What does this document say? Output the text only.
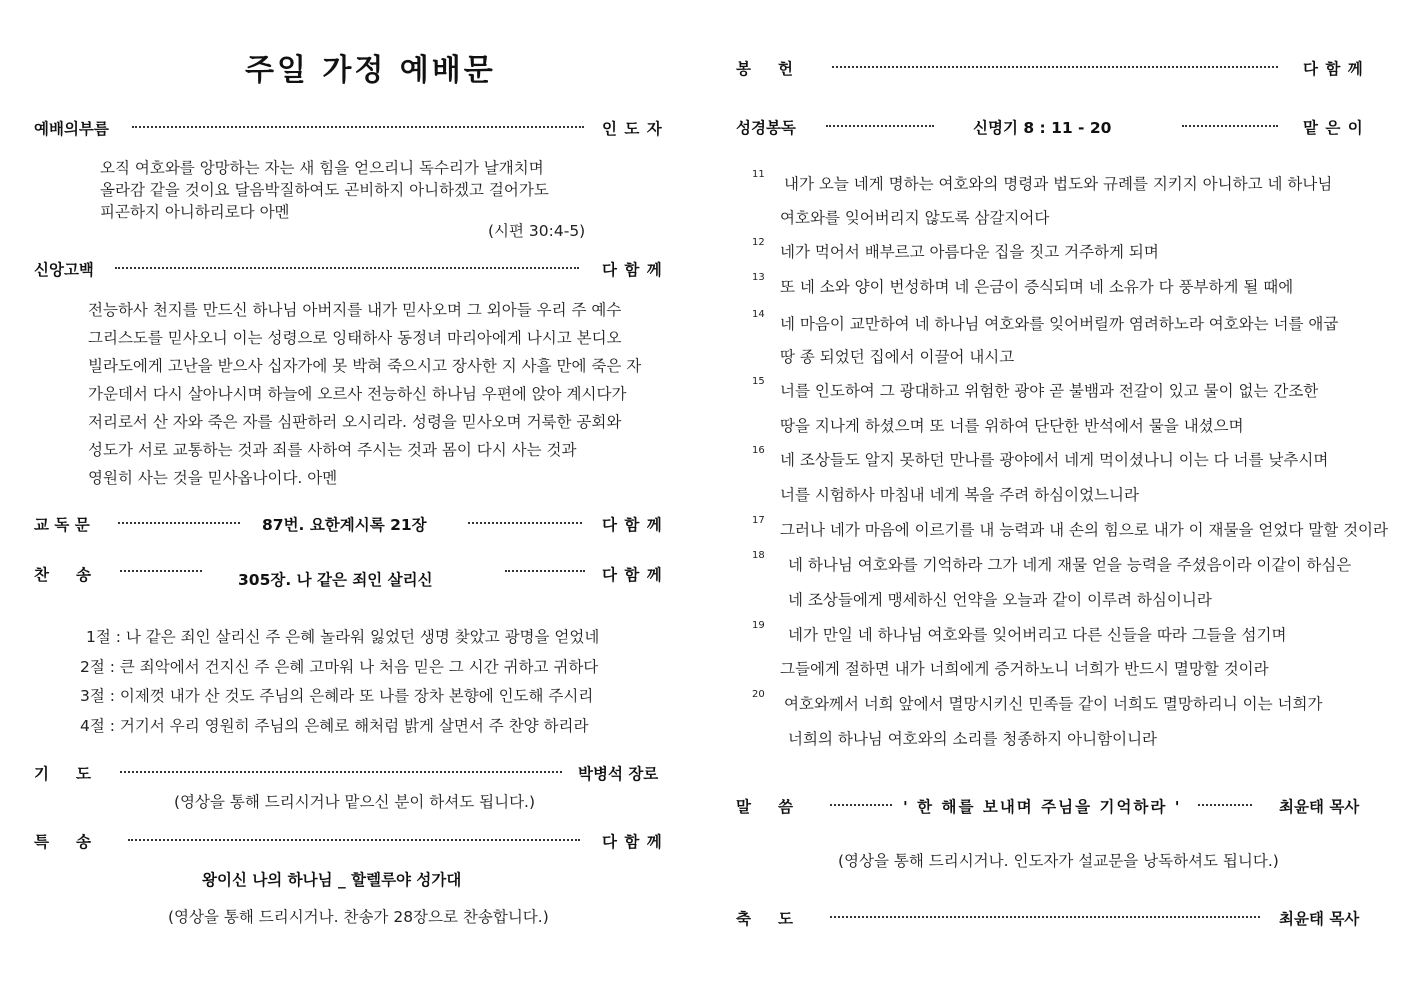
주일 가정 예배문
예배의부름	인 도 자
오직 여호와를 앙망하는 자는 새 힘을 얻으리니 독수리가 날개치며
올라감 같을 것이요 달음박질하여도 곤비하지 아니하겠고 걸어가도
피곤하지 아니하리로다 아멘
(시편 30:4-5)
신앙고백	다 함 께
전능하사 천지를 만드신 하나님 아버지를 내가 믿사오며 그 외아들 우리 주 예수
그리스도를 믿사오니 이는 성령으로 잉태하사 동정녀 마리아에게 나시고 본디오
빌라도에게 고난을 받으사 십자가에 못 박혀 죽으시고 장사한 지 사흘 만에 죽은 자
가운데서 다시 살아나시며 하늘에 오르사 전능하신 하나님 우편에 앉아 계시다가
저리로서 산 자와 죽은 자를 심판하러 오시리라. 성령을 믿사오며 거룩한 공회와
성도가 서로 교통하는 것과 죄를 사하여 주시는 것과 몸이 다시 사는 것과
영원히 사는 것을 믿사옵나이다. 아멘
교 독 문	87번. 요한계시록 21장	다 함 께
찬     송	305장. 나 같은 죄인 살리신	다 함 께
1절 : 나 같은 죄인 살리신 주 은혜 놀라워 잃었던 생명 찾았고 광명을 얻었네
2절 : 큰 죄악에서 건지신 주 은혜 고마워 나 처음 믿은 그 시간 귀하고 귀하다
3절 : 이제껏 내가 산 것도 주님의 은혜라 또 나를 장차 본향에 인도해 주시리
4절 : 거기서 우리 영원히 주님의 은혜로 해처럼 밝게 살면서 주 찬양 하리라
기     도	박병석 장로
(영상을 통해 드리시거나 맡으신 분이 하셔도 됩니다.)
특     송	다 함 께
왕이신 나의 하나님 _ 할렐루야 성가대
(영상을 통해 드리시거나. 찬송가 28장으로 찬송합니다.)
봉     헌	다 함 께
성경봉독	신명기 8 : 11 - 20	맡 은 이
11
내가 오늘 네게 명하는 여호와의 명령과 법도와 규례를 지키지 아니하고 네 하나님
여호와를 잊어버리지 않도록 삼갈지어다
12
네가 먹어서 배부르고 아름다운 집을 짓고 거주하게 되며
13
또 네 소와 양이 번성하며 네 은금이 증식되며 네 소유가 다 풍부하게 될 때에
14
네 마음이 교만하여 네 하나님 여호와를 잊어버릴까 염려하노라 여호와는 너를 애굽
땅 종 되었던 집에서 이끌어 내시고
15
너를 인도하여 그 광대하고 위험한 광야 곧 불뱀과 전갈이 있고 물이 없는 간조한
땅을 지나게 하셨으며 또 너를 위하여 단단한 반석에서 물을 내셨으며
16
네 조상들도 알지 못하던 만나를 광야에서 네게 먹이셨나니 이는 다 너를 낮추시며
너를 시험하사 마침내 네게 복을 주려 하심이었느니라
17
그러나 네가 마음에 이르기를 내 능력과 내 손의 힘으로 내가 이 재물을 얻었다 말할 것이라
18
네 하나님 여호와를 기억하라 그가 네게 재물 얻을 능력을 주셨음이라 이같이 하심은
네 조상들에게 맹세하신 언약을 오늘과 같이 이루려 하심이니라
19
네가 만일 네 하나님 여호와를 잊어버리고 다른 신들을 따라 그들을 섬기며
그들에게 절하면 내가 너희에게 증거하노니 너희가 반드시 멸망할 것이라
20
여호와께서 너희 앞에서 멸망시키신 민족들 같이 너희도 멸망하리니 이는 너희가
너희의 하나님 여호와의 소리를 청종하지 아니함이니라
말     씀	' 한 해를 보내며 주님을 기억하라 '	최윤태 목사
(영상을 통해 드리시거나. 인도자가 설교문을 낭독하셔도 됩니다.)
축     도	최윤태 목사
